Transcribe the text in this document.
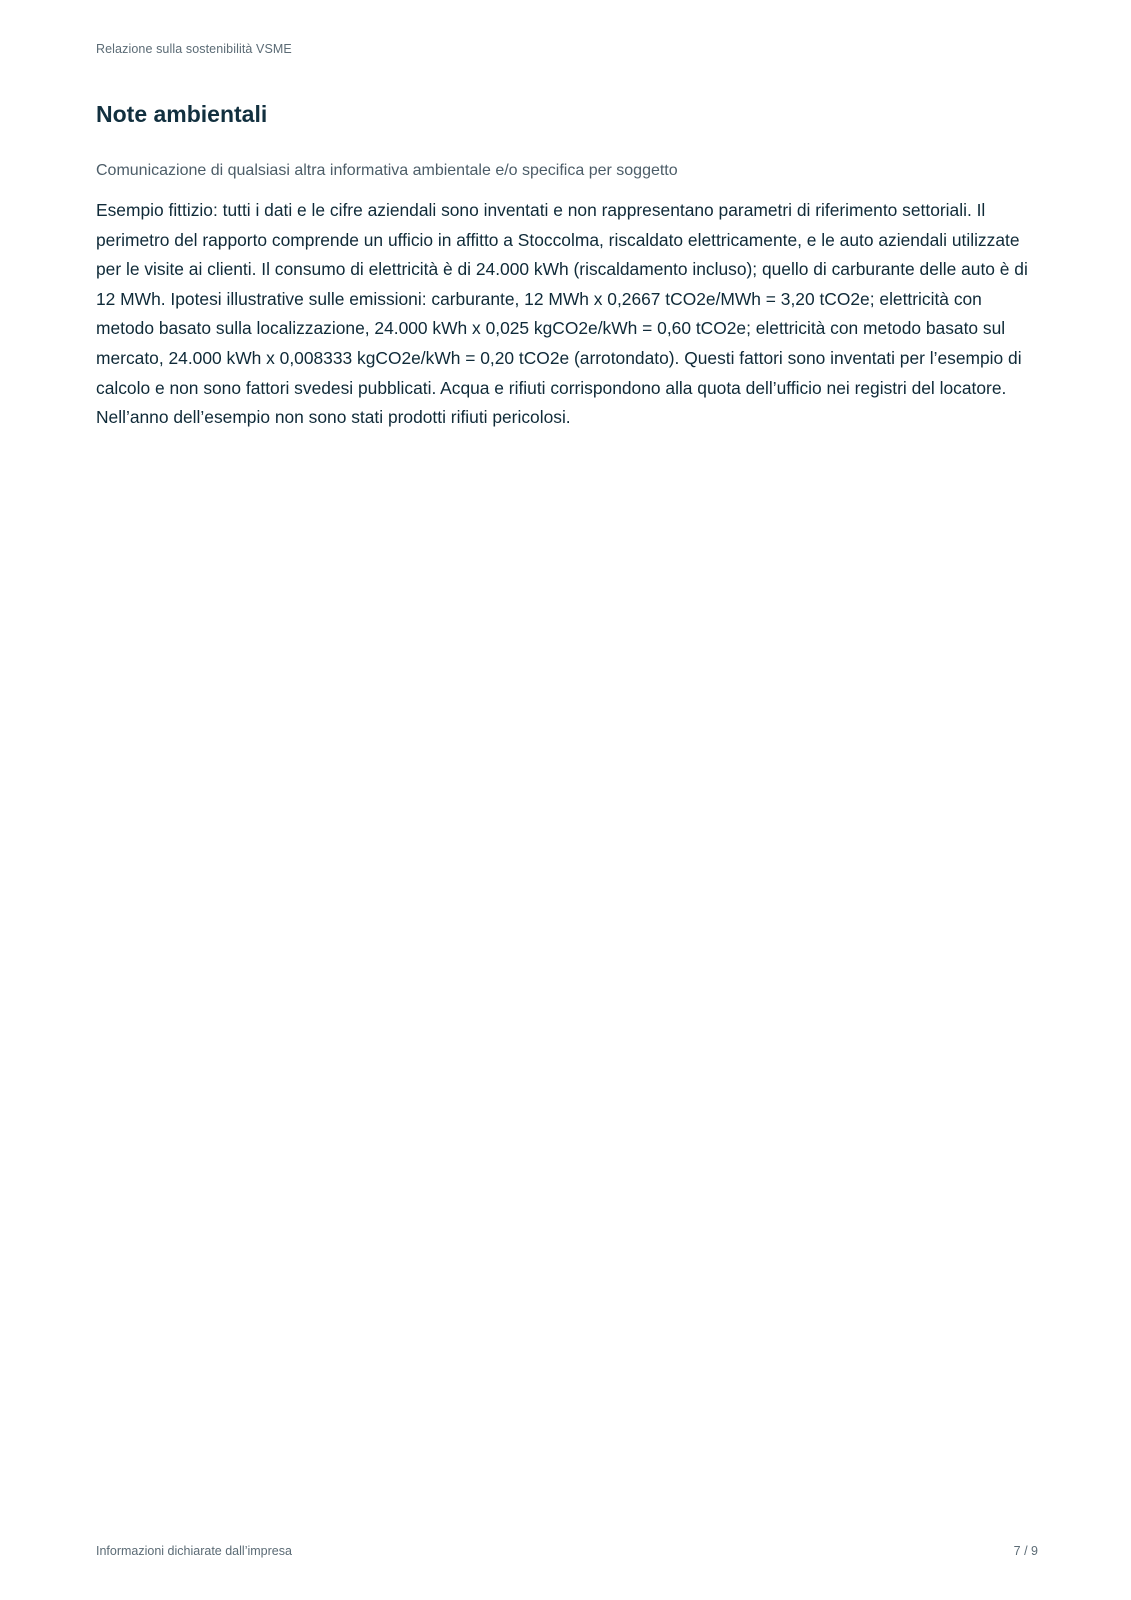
Relazione sulla sostenibilità VSME
Note ambientali
Comunicazione di qualsiasi altra informativa ambientale e/o specifica per soggetto

Esempio fittizio: tutti i dati e le cifre aziendali sono inventati e non rappresentano parametri di riferimento settoriali. Il perimetro del rapporto comprende un ufficio in affitto a Stoccolma, riscaldato elettricamente, e le auto aziendali utilizzate per le visite ai clienti. Il consumo di elettricità è di 24.000 kWh (riscaldamento incluso); quello di carburante delle auto è di 12 MWh. Ipotesi illustrative sulle emissioni: carburante, 12 MWh x 0,2667 tCO2e/MWh = 3,20 tCO2e; elettricità con metodo basato sulla localizzazione, 24.000 kWh x 0,025 kgCO2e/kWh = 0,60 tCO2e; elettricità con metodo basato sul mercato, 24.000 kWh x 0,008333 kgCO2e/kWh = 0,20 tCO2e (arrotondato). Questi fattori sono inventati per l’esempio di calcolo e non sono fattori svedesi pubblicati. Acqua e rifiuti corrispondono alla quota dell’ufficio nei registri del locatore. Nell’anno dell’esempio non sono stati prodotti rifiuti pericolosi.

Informazioni dichiarate dall’impresa	7 / 9
